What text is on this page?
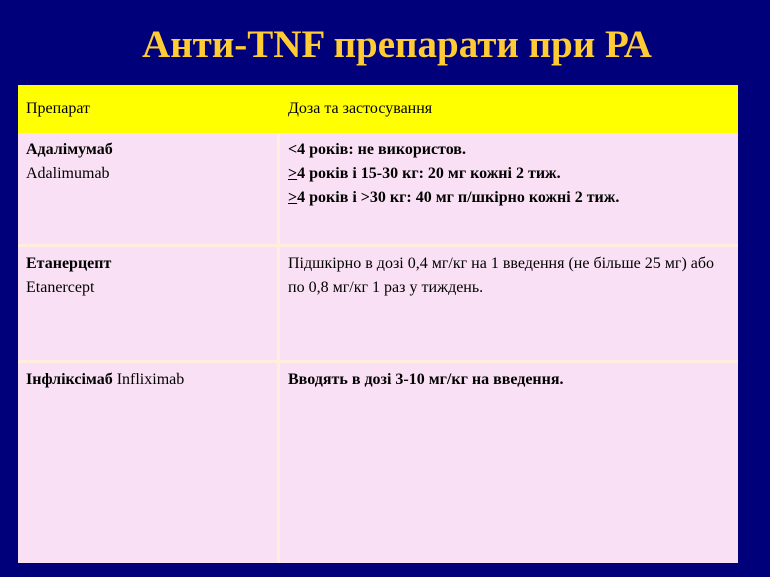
Анти-TNF препарати при РА
Препарат	Доза та застосування
Адалімумаб
Adalimumab
<4 років: не використов.
>4 років і 15-30 кг: 20 мг кожні 2 тиж.
>4 років і >30 кг: 40 мг п/шкірно кожні 2 тиж.
Етанерцепт
Etanercept
Підшкірно в дозі 0,4 мг/кг на 1 введення (не більше 25 мг) або по 0,8 мг/кг 1 раз у тиждень.
Інфліксімаб Infliximab	Вводять в дозі 3-10 мг/кг на введення.
